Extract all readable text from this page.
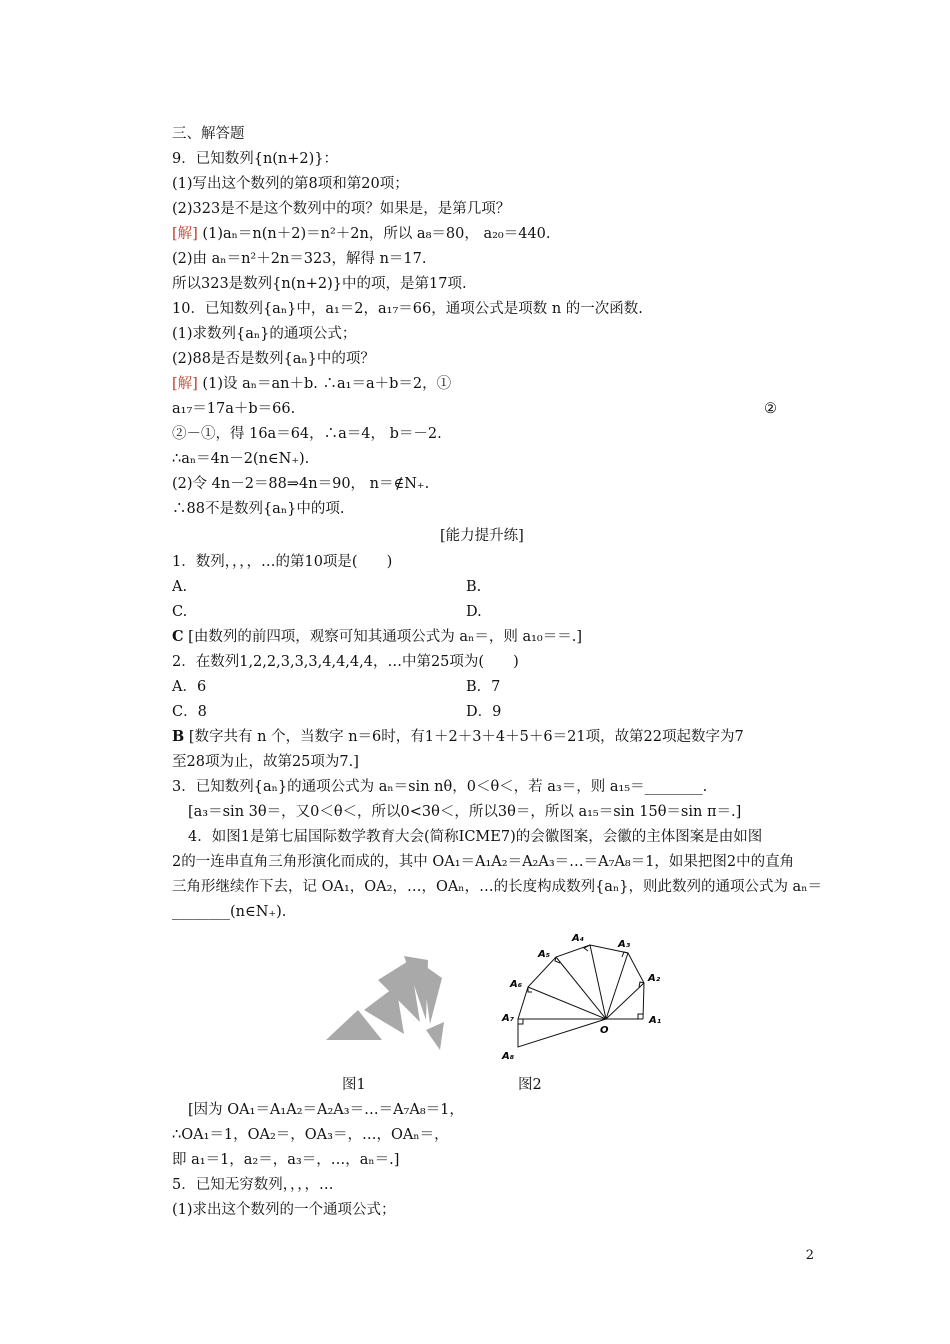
三、解答题
9．已知数列{n(n+2)}：
(1)写出这个数列的第8项和第20项；
(2)323是不是这个数列中的项？如果是，是第几项？
[解] (1)aₙ＝n(n＋2)＝n²＋2n，所以 a₈＝80， a₂₀＝440.
(2)由 aₙ＝n²＋2n＝323，解得 n＝17.
所以323是数列{n(n+2)}中的项，是第17项.
10．已知数列{aₙ}中，a₁＝2，a₁₇＝66，通项公式是项数 n 的一次函数.
(1)求数列{aₙ}的通项公式；
(2)88是否是数列{aₙ}中的项？
[解] (1)设 aₙ＝an＋b. ∴a₁＝a＋b＝2，①
a₁₇＝17a＋b＝66.	②
②－①，得 16a＝64，∴a＝4， b＝－2.
∴aₙ＝4n－2(n∈N₊).
(2)令 4n－2＝88⇒4n＝90， n＝∉N₊.
∴88不是数列{aₙ}中的项.
[能力提升练]
1．数列，，，，…的第10项是(　　)
A.	B.
C.	D.
C [由数列的前四项，观察可知其通项公式为 aₙ＝，则 a₁₀＝＝.]
2．在数列1,2,2,3,3,3,4,4,4,4，…中第25项为(　　)
A．6	B．7
C．8	D．9
B [数字共有 n 个，当数字 n＝6时，有1＋2＋3＋4＋5＋6＝21项，故第22项起数字为7
至28项为止，故第25项为7.]
3．已知数列{aₙ}的通项公式为 aₙ＝sin nθ，0＜θ＜，若 a₃＝，则 a₁₅＝________.
[a₃＝sin 3θ＝，又0＜θ＜，所以0<3θ＜，所以3θ＝，所以 a₁₅＝sin 15θ＝sin π＝.]
4．如图1是第七届国际数学教育大会(简称ICME7)的会徽图案，会徽的主体图案是由如图
2的一连串直角三角形演化而成的，其中 OA₁＝A₁A₂＝A₂A₃＝…＝A₇A₈＝1，如果把图2中的直角
三角形继续作下去，记 OA₁，OA₂，…，OAₙ，…的长度构成数列{aₙ}，则此数列的通项公式为 aₙ＝
________(n∈N₊).
A₁
A₂
A₃
A₄
A₅
A₆
A₇
A₈
O
图1	图2
[因为 OA₁＝A₁A₂＝A₂A₃＝…＝A₇A₈＝1，
∴OA₁＝1，OA₂＝，OA₃＝，…，OAₙ＝，
即 a₁＝1，a₂＝，a₃＝，…，aₙ＝.]
5．已知无穷数列，，，，…
(1)求出这个数列的一个通项公式；
2
